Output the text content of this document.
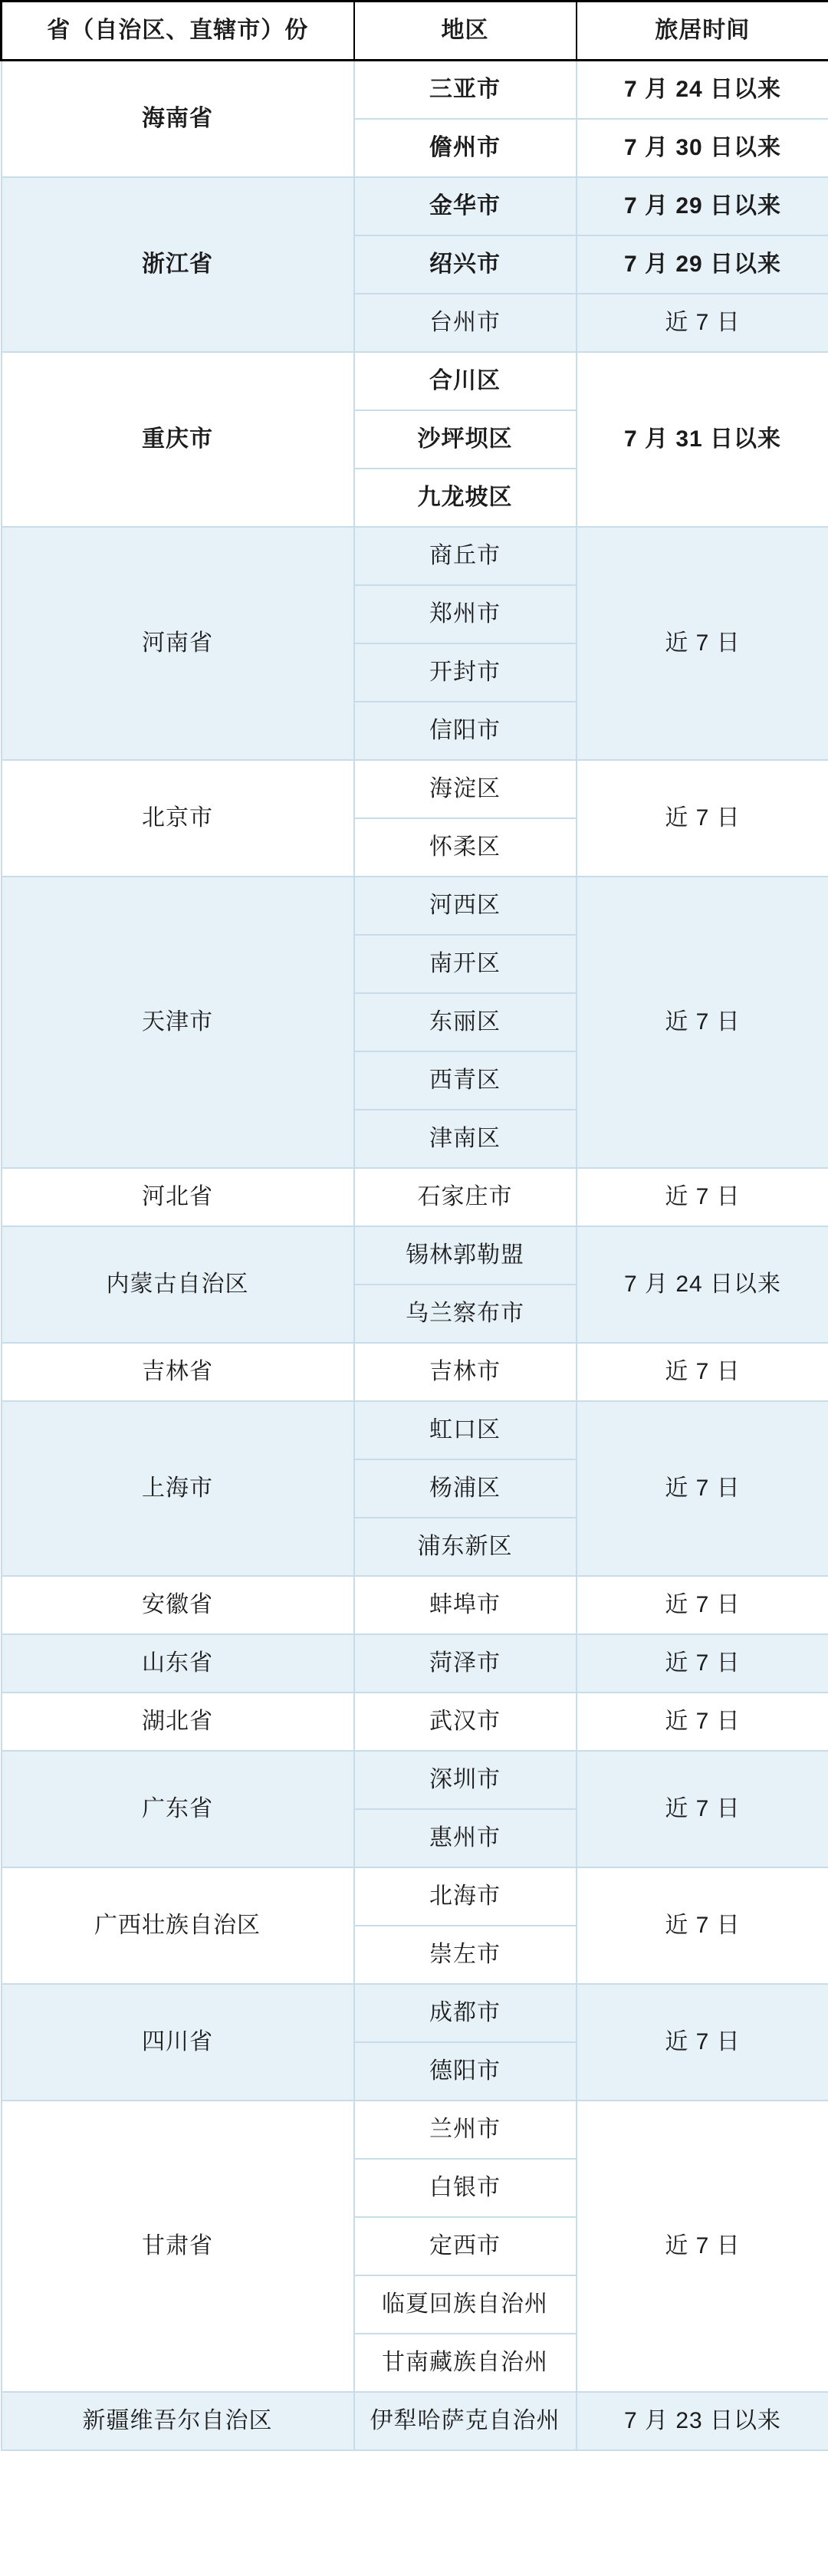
省（自治区、直辖市）份	地区	旅居时间
海南省	三亚市	7 月 24 日以来
	儋州市	7 月 30 日以来
浙江省	金华市	7 月 29 日以来
	绍兴市	7 月 29 日以来
	台州市	近 7 日
重庆市	合川区	7 月 31 日以来
	沙坪坝区	
	九龙坡区	
河南省	商丘市	近 7 日
	郑州市	
	开封市	
	信阳市	
北京市	海淀区	近 7 日
	怀柔区	
天津市	河西区	近 7 日
	南开区	
	东丽区	
	西青区	
	津南区	
河北省	石家庄市	近 7 日
内蒙古自治区	锡林郭勒盟	7 月 24 日以来
	乌兰察布市	
吉林省	吉林市	近 7 日
上海市	虹口区	近 7 日
	杨浦区	
	浦东新区	
安徽省	蚌埠市	近 7 日
山东省	菏泽市	近 7 日
湖北省	武汉市	近 7 日
广东省	深圳市	近 7 日
	惠州市	
广西壮族自治区	北海市	近 7 日
	崇左市	
四川省	成都市	近 7 日
	德阳市	
甘肃省	兰州市	近 7 日
	白银市	
	定西市	
	临夏回族自治州	
	甘南藏族自治州	
新疆维吾尔自治区	伊犁哈萨克自治州	7 月 23 日以来
